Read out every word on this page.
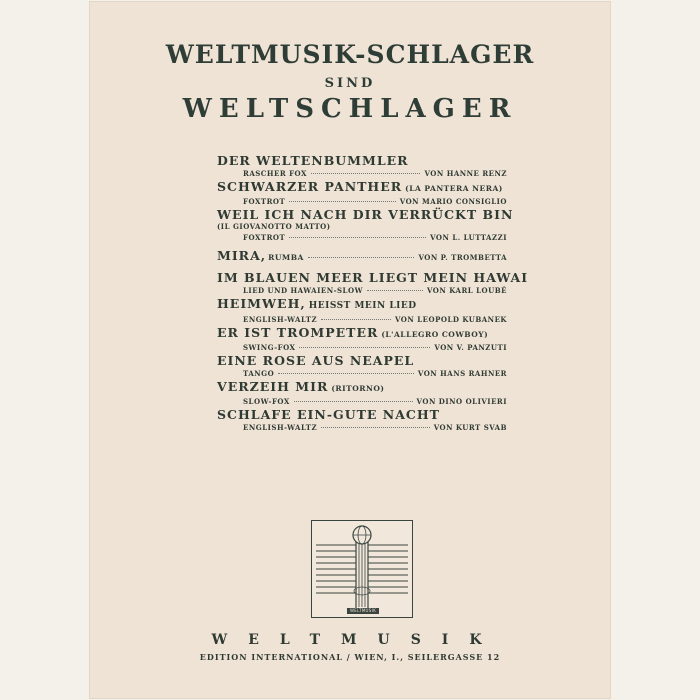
WELTMUSIK-SCHLAGER
SIND
WELTSCHLAGER
DER WELTENBUMMLER
RASCHER FOX	VON HANNE RENZ
SCHWARZER PANTHER (LA PANTERA NERA)
FOXTROT	VON MARIO CONSIGLIO
WEIL ICH NACH DIR VERRÜCKT BIN
(IL GIOVANOTTO MATTO)
FOXTROT	VON L. LUTTAZZI
MIRA, RUMBA	VON P. TROMBETTA
IM BLAUEN MEER LIEGT MEIN HAWAI
LIED UND HAWAIEN-SLOW	VON KARL LOUBÉ
HEIMWEH, HEISST MEIN LIED
ENGLISH-WALTZ	VON LEOPOLD KUBANEK
ER IST TROMPETER (L'ALLEGRO COWBOY)
SWING-FOX	VON V. PANZUTI
EINE ROSE AUS NEAPEL
TANGO	VON HANS RAHNER
VERZEIH MIR (RITORNO)
SLOW-FOX	VON DINO OLIVIERI
SCHLAFE EIN-GUTE NACHT
ENGLISH-WALTZ	VON KURT SVAB
WELTMUSIK
WELTMUSIK
EDITION INTERNATIONAL / WIEN, I., SEILERGASSE 12
